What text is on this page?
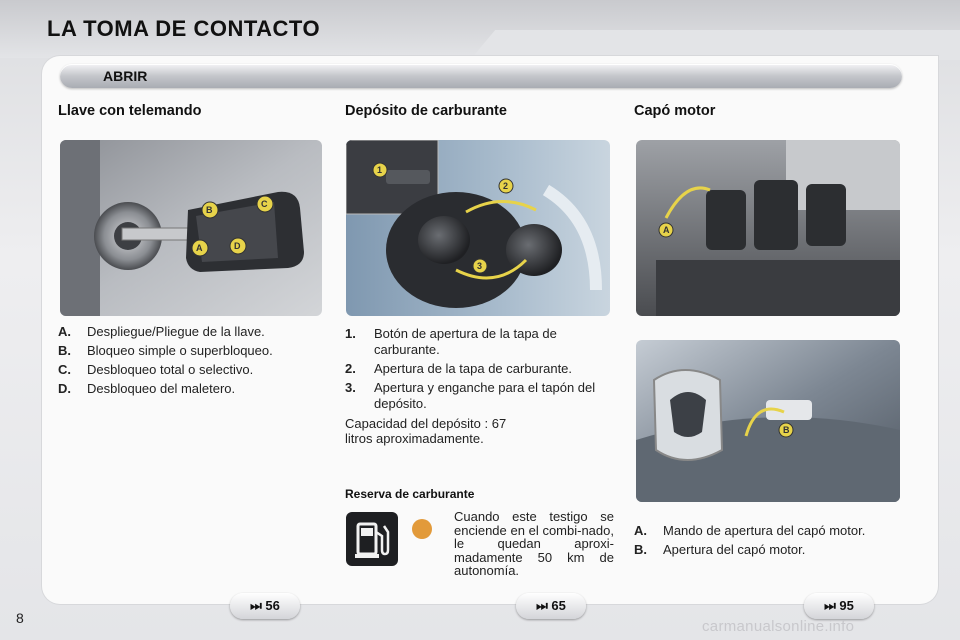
LA TOMA DE CONTACTO
ABRIR
Llave con telemando	Depósito de carburante	Capó motor
B
C
A	D
1
2
3
A
B
A.	Despliegue/Pliegue de la llave.
B.	Bloqueo simple o superbloqueo.
C.	Desbloqueo total o selectivo.
D.	Desbloqueo del maletero.
1.	Botón de apertura de la tapa de carburante.
2.	Apertura de la tapa de carburante.
3.	Apertura y enganche para el tapón del depósito.
Capacidad del depósito : 67 litros aproximadamente.
Reserva de carburante
Cuando este testigo se enciende en el combi-nado, le quedan aproxi-madamente 50 km de autonomía.
A.	Mando de apertura del capó motor.
B.	Apertura del capó motor.
⏭ 56	⏭ 65	⏭ 95
8	carmanualsonline.info
